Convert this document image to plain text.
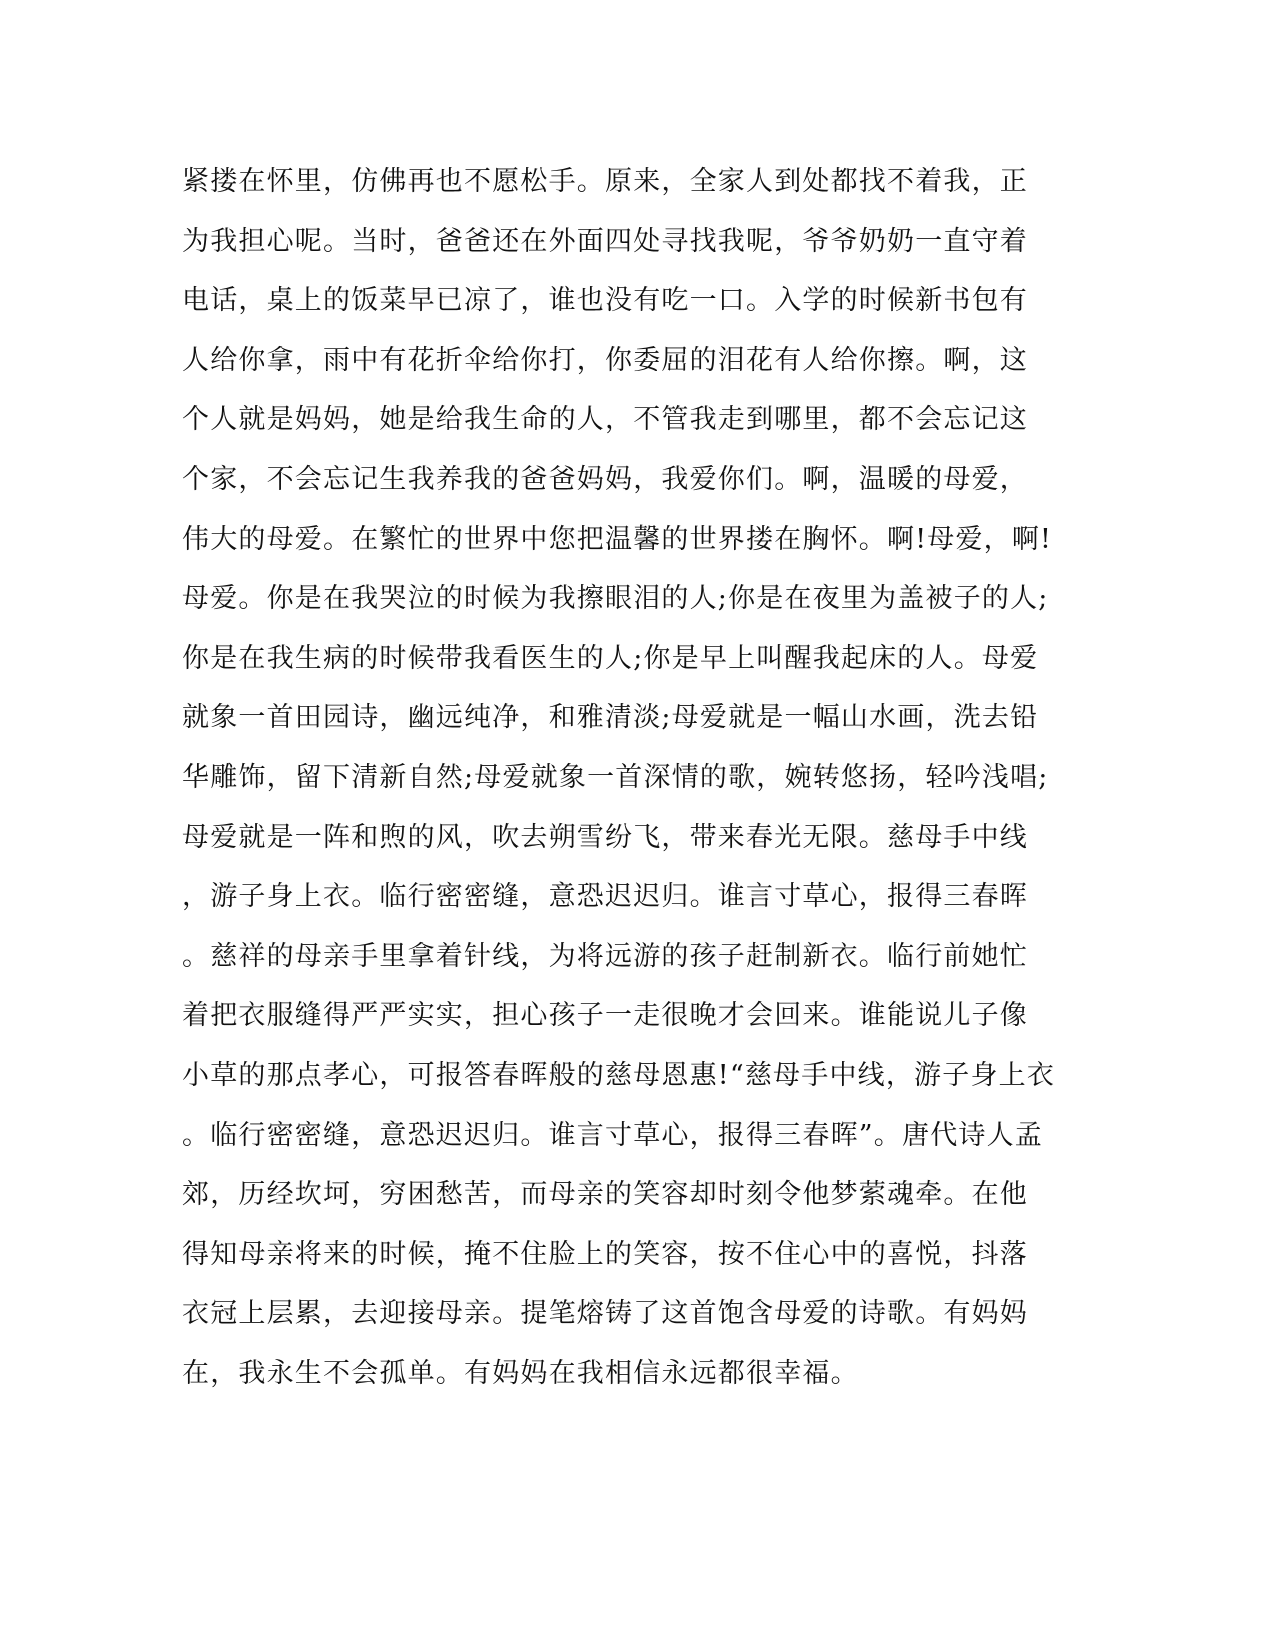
紧搂在怀里，仿佛再也不愿松手。原来，全家人到处都找不着我，正
为我担心呢。当时，爸爸还在外面四处寻找我呢，爷爷奶奶一直守着
电话，桌上的饭菜早已凉了，谁也没有吃一口。入学的时候新书包有
人给你拿，雨中有花折伞给你打，你委屈的泪花有人给你擦。啊，这
个人就是妈妈，她是给我生命的人，不管我走到哪里，都不会忘记这
个家，不会忘记生我养我的爸爸妈妈，我爱你们。啊，温暖的母爱，
伟大的母爱。在繁忙的世界中您把温馨的世界搂在胸怀。啊!母爱，啊!
母爱。你是在我哭泣的时候为我擦眼泪的人;你是在夜里为盖被子的人;
你是在我生病的时候带我看医生的人;你是早上叫醒我起床的人。母爱
就象一首田园诗，幽远纯净，和雅清淡;母爱就是一幅山水画，洗去铅
华雕饰，留下清新自然;母爱就象一首深情的歌，婉转悠扬，轻吟浅唱;
母爱就是一阵和煦的风，吹去朔雪纷飞，带来春光无限。慈母手中线
，游子身上衣。临行密密缝，意恐迟迟归。谁言寸草心，报得三春晖
。慈祥的母亲手里拿着针线，为将远游的孩子赶制新衣。临行前她忙
着把衣服缝得严严实实，担心孩子一走很晚才会回来。谁能说儿子像
小草的那点孝心，可报答春晖般的慈母恩惠!“慈母手中线，游子身上衣
。临行密密缝，意恐迟迟归。谁言寸草心，报得三春晖”。唐代诗人孟
郊，历经坎坷，穷困愁苦，而母亲的笑容却时刻令他梦萦魂牵。在他
得知母亲将来的时候，掩不住脸上的笑容，按不住心中的喜悦，抖落
衣冠上层累，去迎接母亲。提笔熔铸了这首饱含母爱的诗歌。有妈妈
在，我永生不会孤单。有妈妈在我相信永远都很幸福。
